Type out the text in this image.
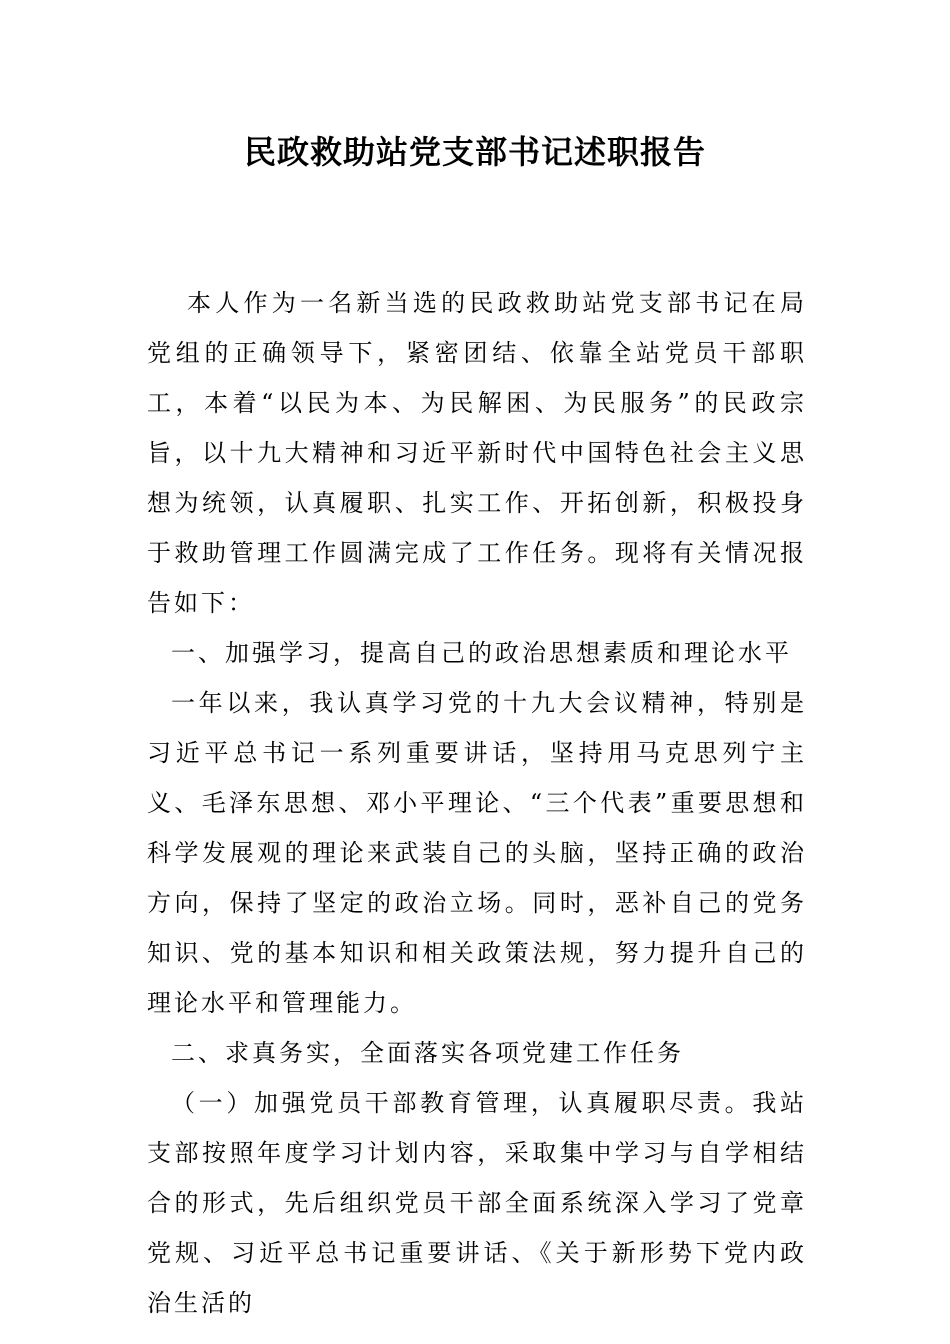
民政救助站党支部书记述职报告

本人作为一名新当选的民政救助站党支部书记在局党组的正确领导下，紧密团结、依靠全站党员干部职工，本着“以民为本、为民解困、为民服务”的民政宗旨，以十九大精神和习近平新时代中国特色社会主义思想为统领，认真履职、扎实工作、开拓创新，积极投身于救助管理工作圆满完成了工作任务。现将有关情况报告如下：

一、加强学习，提高自己的政治思想素质和理论水平

一年以来，我认真学习党的十九大会议精神，特别是习近平总书记一系列重要讲话，坚持用马克思列宁主义、毛泽东思想、邓小平理论、“三个代表”重要思想和科学发展观的理论来武装自己的头脑，坚持正确的政治方向，保持了坚定的政治立场。同时，恶补自己的党务知识、党的基本知识和相关政策法规，努力提升自己的理论水平和管理能力。

二、求真务实，全面落实各项党建工作任务

（一）加强党员干部教育管理，认真履职尽责。我站支部按照年度学习计划内容，采取集中学习与自学相结合的形式，先后组织党员干部全面系统深入学习了党章党规、习近平总书记重要讲话、《关于新形势下党内政治生活的
